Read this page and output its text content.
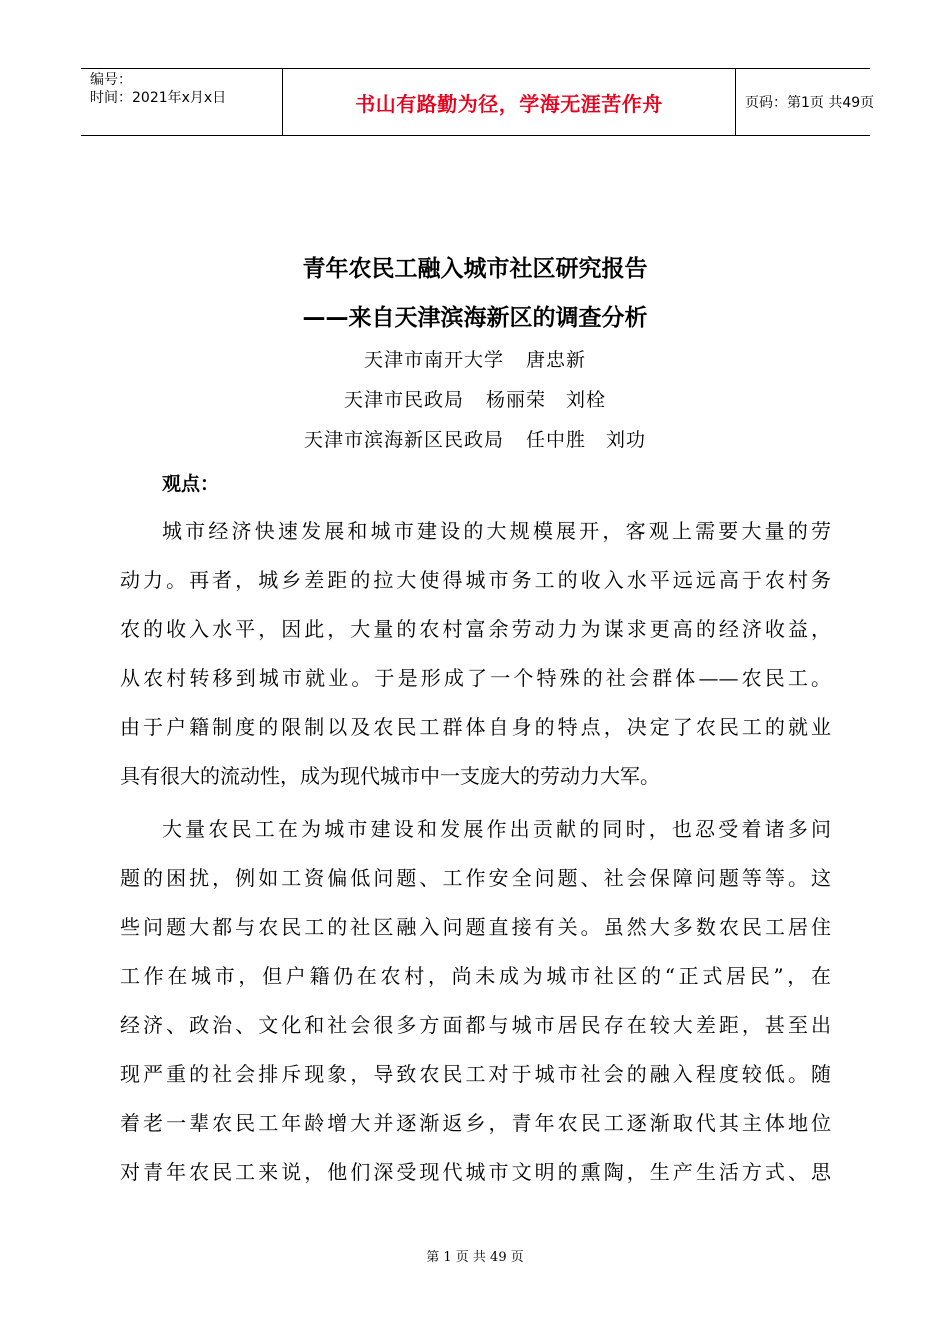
编号：
时间：2021年x月x日	书山有路勤为径，学海无涯苦作舟	页码：第1页 共49页
青年农民工融入城市社区研究报告
——来自天津滨海新区的调查分析
天津市南开大学 唐忠新
天津市民政局 杨丽荣　刘栓
天津市滨海新区民政局 任中胜　刘功
观点：
城市经济快速发展和城市建设的大规模展开，客观上需要大量的劳
动力。再者，城乡差距的拉大使得城市务工的收入水平远远高于农村务
农的收入水平，因此，大量的农村富余劳动力为谋求更高的经济收益，
从农村转移到城市就业。于是形成了一个特殊的社会群体——农民工。
由于户籍制度的限制以及农民工群体自身的特点，决定了农民工的就业
具有很大的流动性，成为现代城市中一支庞大的劳动力大军。
大量农民工在为城市建设和发展作出贡献的同时，也忍受着诸多问
题的困扰，例如工资偏低问题、工作安全问题、社会保障问题等等。这
些问题大都与农民工的社区融入问题直接有关。虽然大多数农民工居住
工作在城市，但户籍仍在农村，尚未成为城市社区的“正式居民”，在
经济、政治、文化和社会很多方面都与城市居民存在较大差距，甚至出
现严重的社会排斥现象，导致农民工对于城市社会的融入程度较低。随
着老一辈农民工年龄增大并逐渐返乡，青年农民工逐渐取代其主体地位
对青年农民工来说，他们深受现代城市文明的熏陶，生产生活方式、思
第 1 页 共 49 页
